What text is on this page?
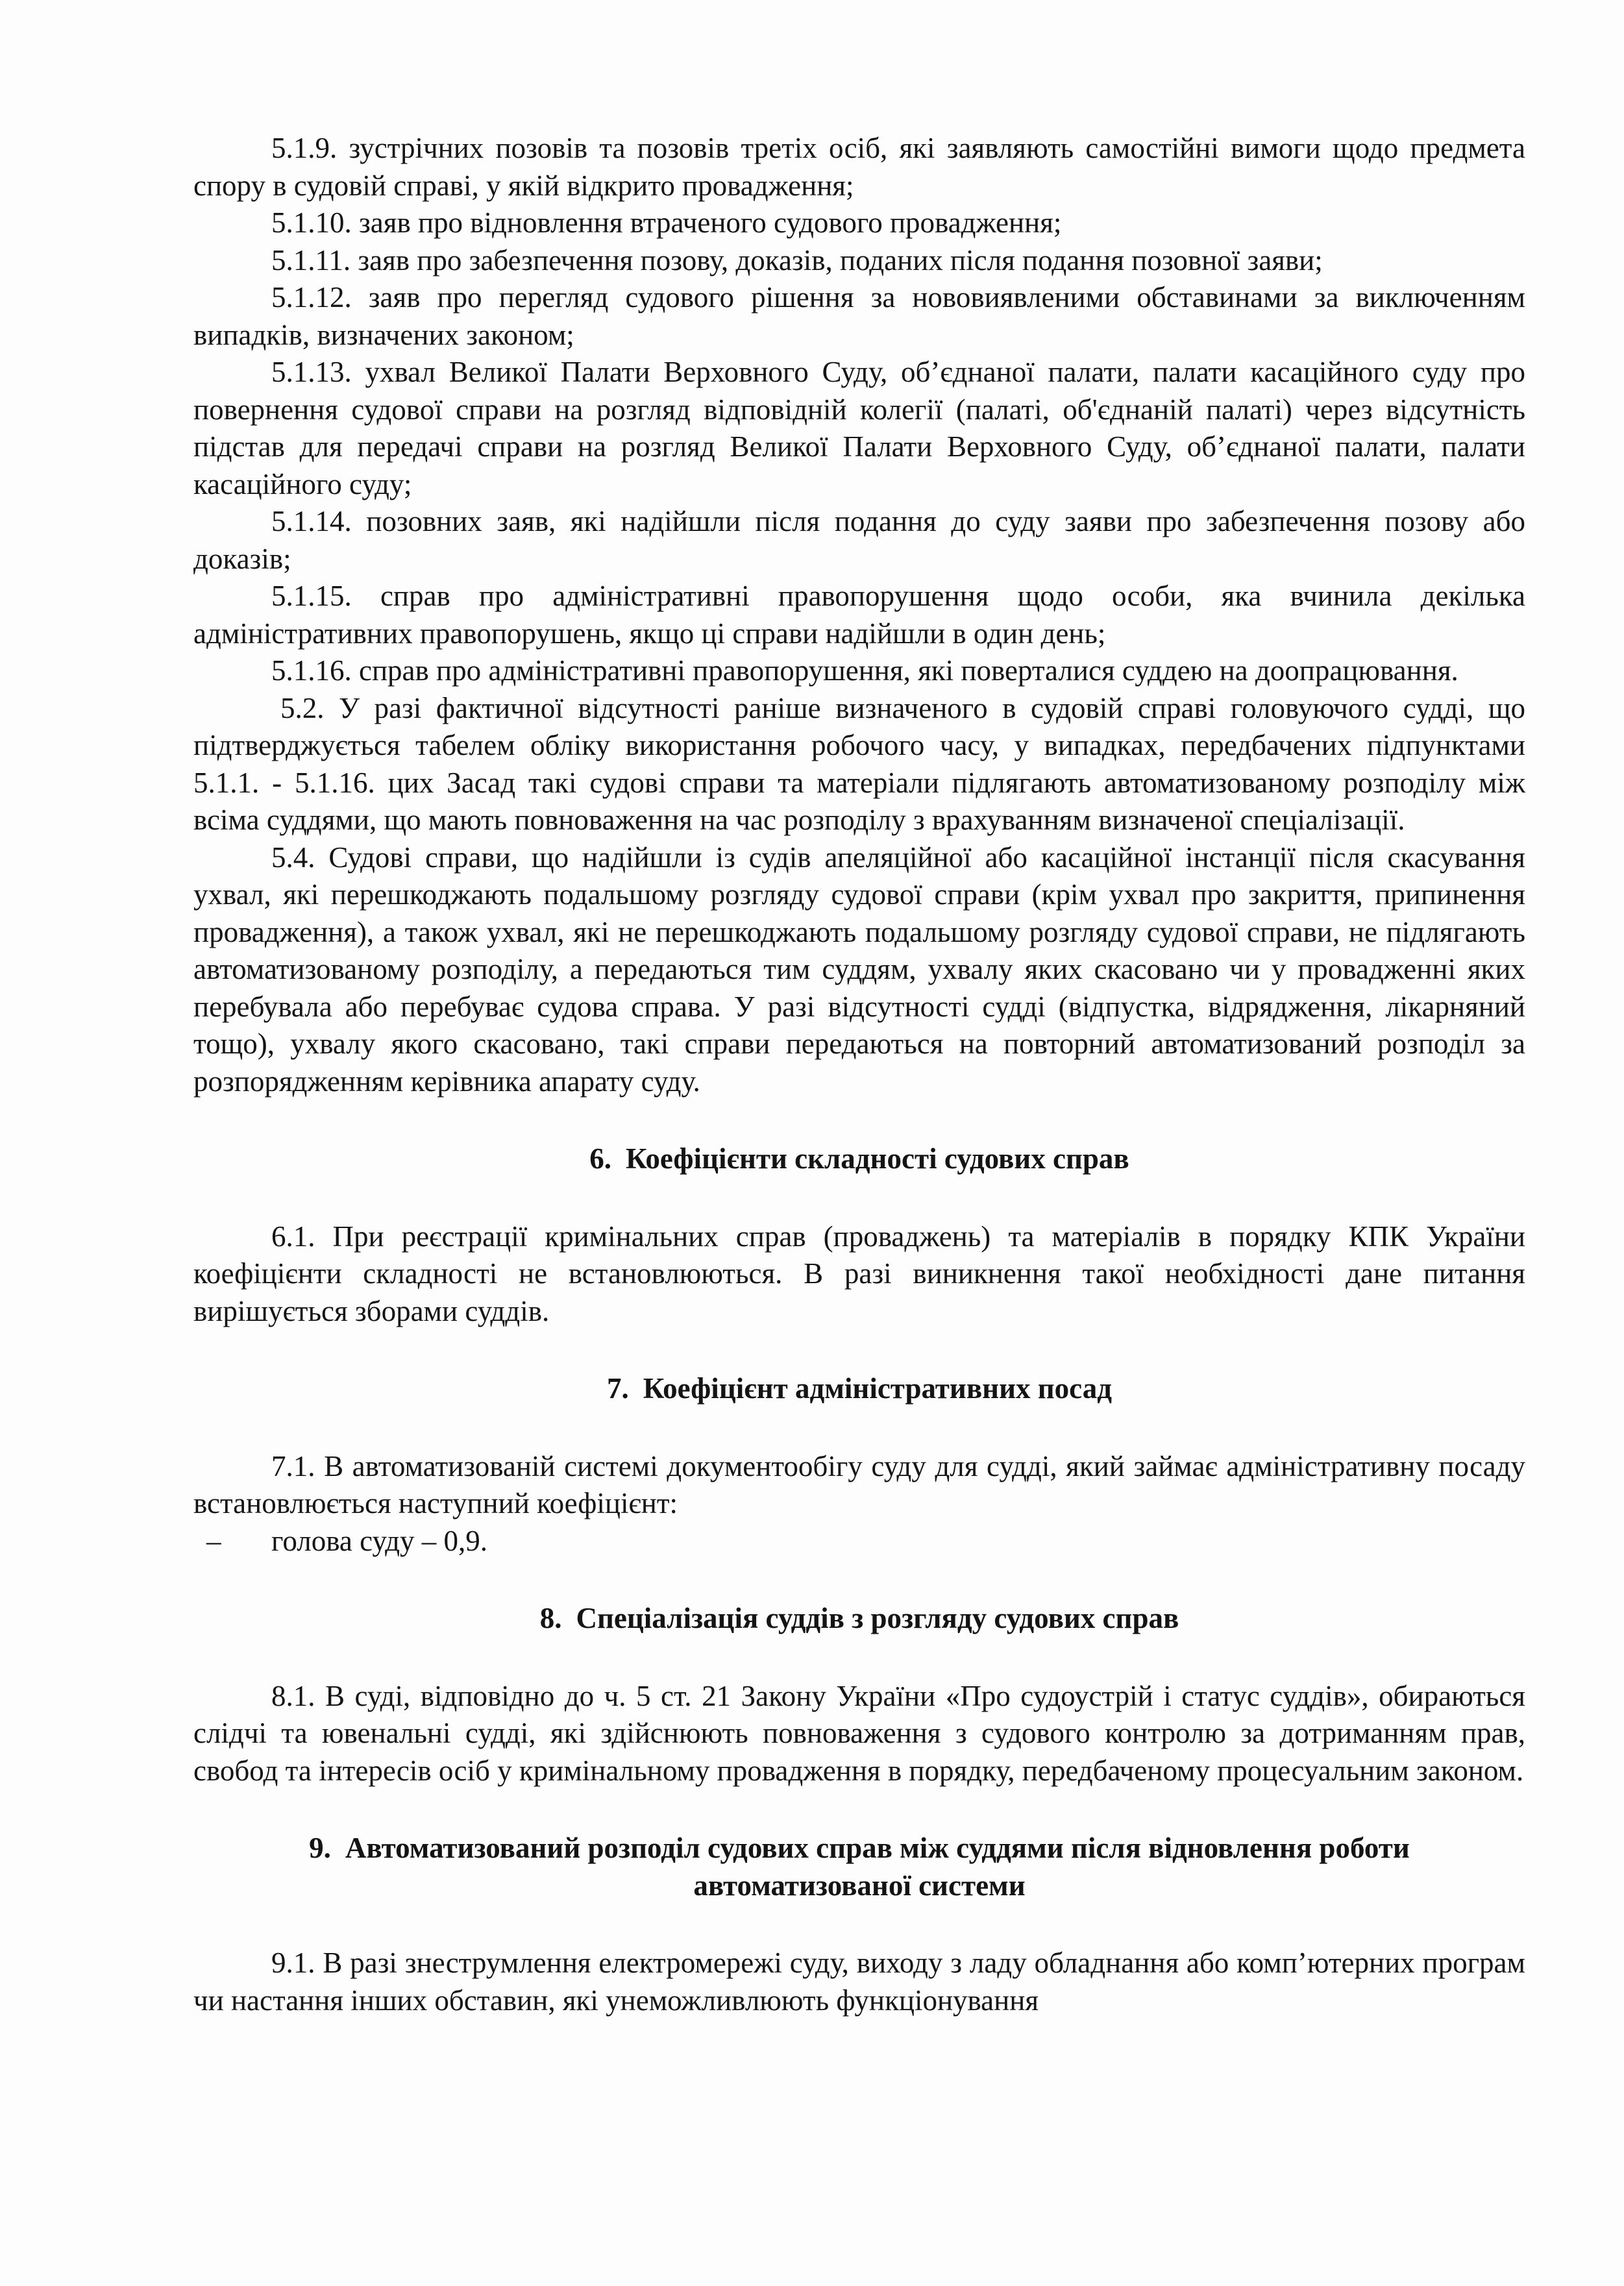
5.1.9. зустрічних позовів та позовів третіх осіб, які заявляють самостійні вимоги щодо предмета спору в судовій справі, у якій відкрито провадження;

5.1.10. заяв про відновлення втраченого судового провадження;

5.1.11. заяв про забезпечення позову, доказів, поданих після подання позовної заяви;

5.1.12. заяв про перегляд судового рішення за нововиявленими обставинами за виключенням випадків, визначених законом;

5.1.13. ухвал Великої Палати Верховного Суду, об’єднаної палати, палати касаційного суду про повернення судової справи на розгляд відповідній колегії (палаті, об'єднаній палаті) через відсутність підстав для передачі справи на розгляд Великої Палати Верховного Суду, об’єднаної палати, палати касаційного суду;

5.1.14. позовних заяв, які надійшли після подання до суду заяви про забезпечення позову або доказів;

5.1.15. справ про адміністративні правопорушення щодо особи, яка вчинила декілька адміністративних правопорушень, якщо ці справи надійшли в один день;

5.1.16. справ про адміністративні правопорушення, які поверталися суддею на доопрацювання.

5.2. У разі фактичної відсутності раніше визначеного в судовій справі головуючого судді, що підтверджується табелем обліку використання робочого часу, у випадках, передбачених підпунктами 5.1.1. - 5.1.16. цих Засад такі судові справи та матеріали підлягають автоматизованому розподілу між всіма суддями, що мають повноваження на час розподілу з врахуванням визначеної спеціалізації.

5.4. Судові справи, що надійшли із судів апеляційної або касаційної інстанції після скасування ухвал, які перешкоджають подальшому розгляду судової справи (крім ухвал про закриття, припинення провадження), а також ухвал, які не перешкоджають подальшому розгляду судової справи, не підлягають автоматизованому розподілу, а передаються тим суддям, ухвалу яких скасовано чи у провадженні яких перебувала або перебуває судова справа. У разі відсутності судді (відпустка, відрядження, лікарняний тощо), ухвалу якого скасовано, такі справи передаються на повторний автоматизований розподіл за розпорядженням керівника апарату суду.

6. Коефіцієнти складності судових справ

6.1. При реєстрації кримінальних справ (проваджень) та матеріалів в порядку КПК України коефіцієнти складності не встановлюються. В разі виникнення такої необхідності дане питання вирішується зборами суддів.

7. Коефіцієнт адміністративних посад

7.1. В автоматизованій системі документообігу суду для судді, який займає адміністративну посаду встановлюється наступний коефіцієнт:

– голова суду – 0,9.

8. Спеціалізація суддів з розгляду судових справ

8.1. В суді, відповідно до ч. 5 ст. 21 Закону України «Про судоустрій і статус суддів», обираються слідчі та ювенальні судді, які здійснюють повноваження з судового контролю за дотриманням прав, свобод та інтересів осіб у кримінальному провадження в порядку, передбаченому процесуальним законом.

9. Автоматизований розподіл судових справ між суддями після відновлення роботи
автоматизованої системи

9.1. В разі знеструмлення електромережі суду, виходу з ладу обладнання або комп’ютерних програм чи настання інших обставин, які унеможливлюють функціонування
